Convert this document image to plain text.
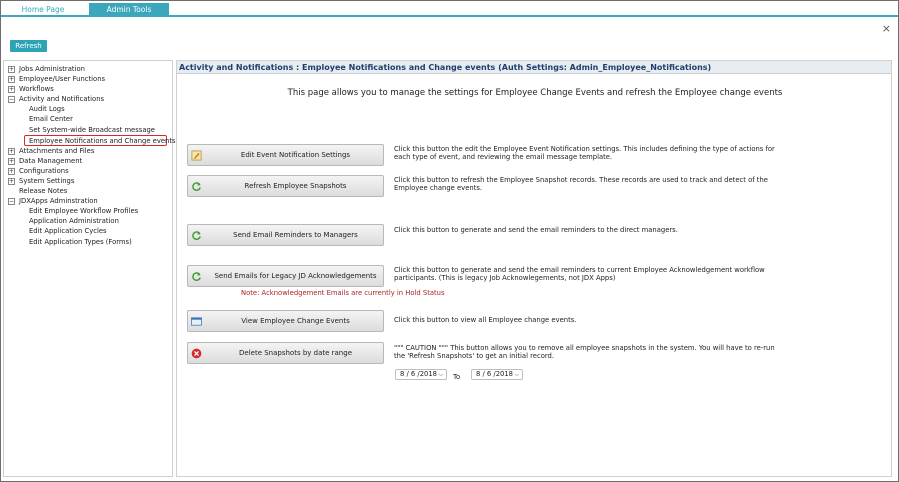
Home Page	Admin Tools
×
Refresh
+ Jobs Administration
+ Employee/User Functions
+ Workflows
− Activity and Notifications
Audit Logs
Email Center
Set System-wide Broadcast message
Employee Notifications and Change events
+ Attachments and Files
+ Data Management
+ Configurations
+ System Settings
Release Notes
− JDXApps Adminstration
Edit Employee Workflow Profiles
Application Administration
Edit Application Cycles
Edit Application Types (Forms)
Activity and Notifications : Employee Notifications and Change events (Auth Settings: Admin_Employee_Notifications)
This page allows you to manage the settings for Employee Change Events and refresh the Employee change events
Edit Event Notification Settings
Click this button the edit the Employee Event Notification settings. This includes defining the type of actions for each type of event, and reviewing the email message template.
Refresh Employee Snapshots
Click this button to refresh the Employee Snapshot records. These records are used to track and detect of the Employee change events.
Send Email Reminders to Managers
Click this button to generate and send the email reminders to the direct managers.
Send Emails for Legacy JD Acknowledgements
Click this button to generate and send the email reminders to current Employee Acknowledgement workflow participants. (This is legacy Job Acknowlegements, not JDX Apps)
Note: Acknowledgement Emails are currently in Hold Status
View Employee Change Events	Click this button to view all Employee change events.
Delete Snapshots by date range
""" CAUTION """ This button allows you to remove all employee snapshots in the system. You will have to re-run the 'Refresh Snapshots' to get an initial record.
8 / 6 /2018 ⌵ To	8 / 6 /2018 ⌵
